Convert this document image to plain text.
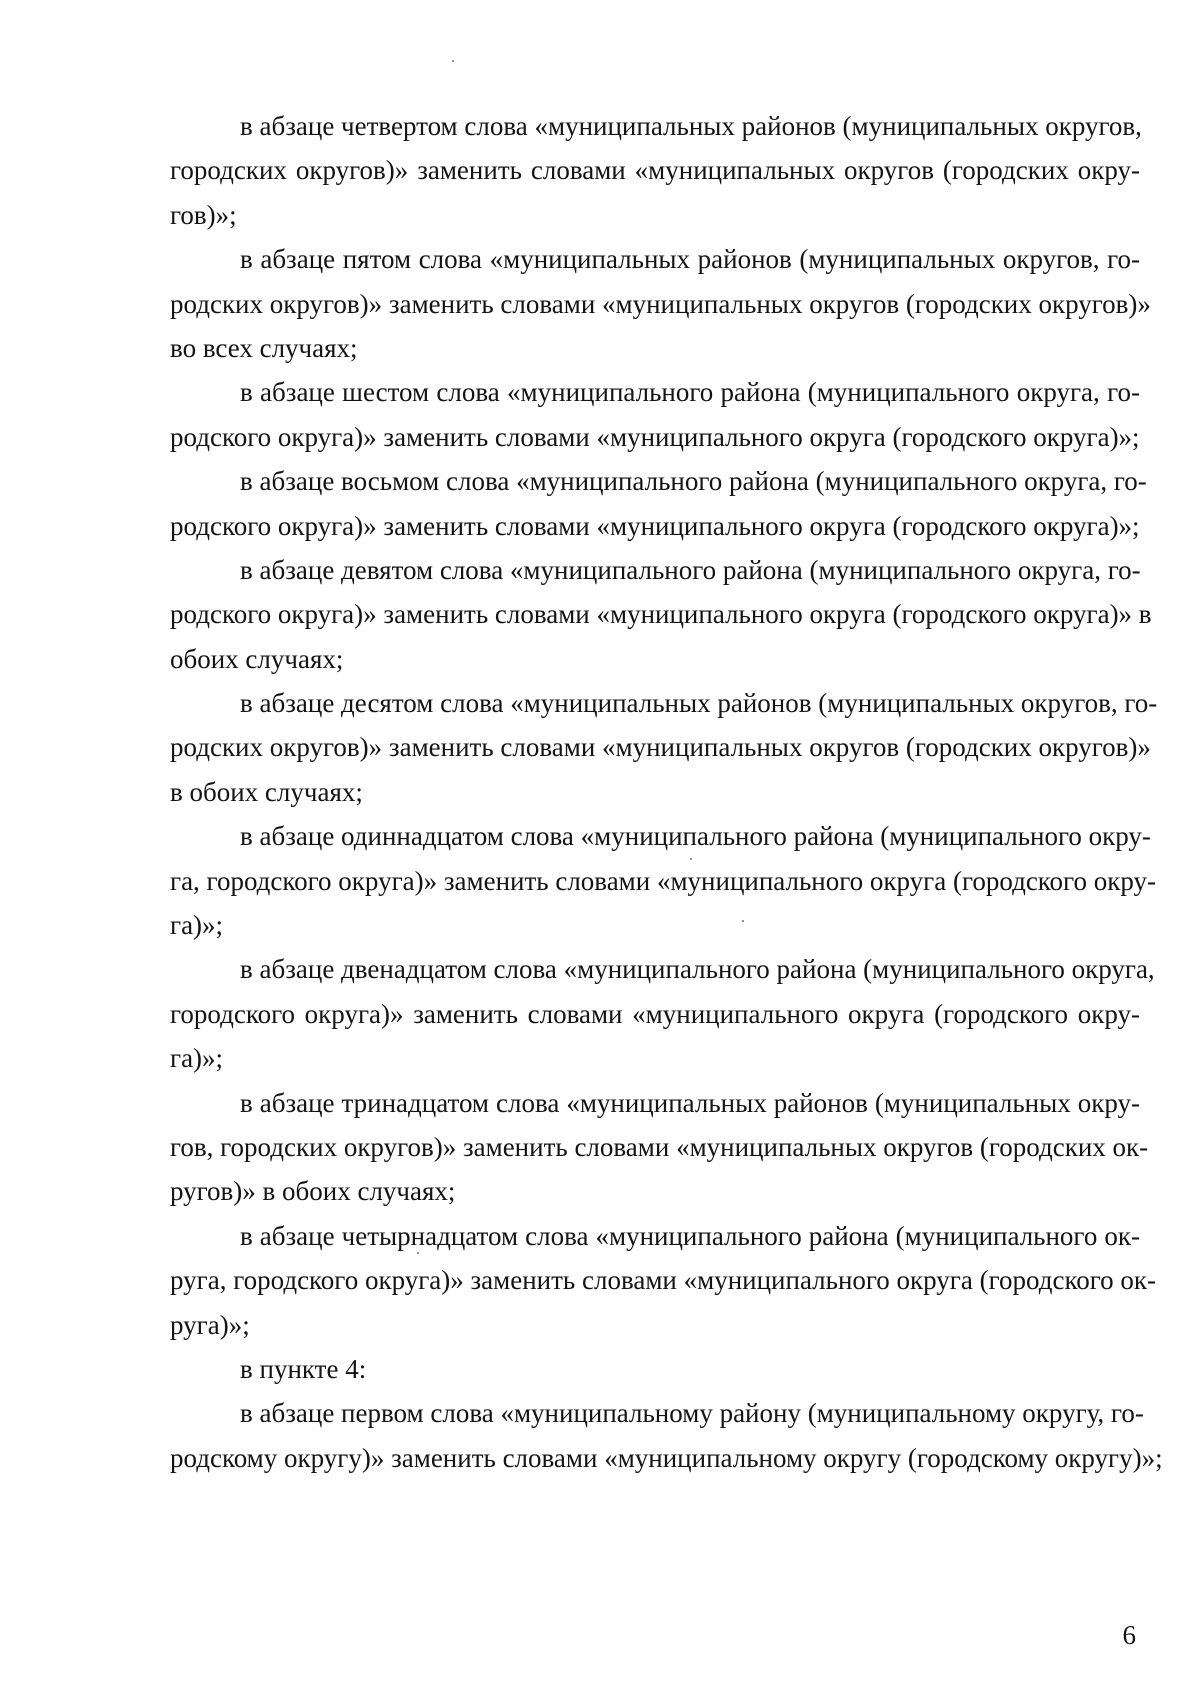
в абзаце четвертом слова «муниципальных районов (муниципальных округов,
городских округов)» заменить словами «муниципальных округов (городских окру-
гов)»;
в абзаце пятом слова «муниципальных районов (муниципальных округов, го-
родских округов)» заменить словами «муниципальных округов (городских округов)»
во всех случаях;
в абзаце шестом слова «муниципального района (муниципального округа, го-
родского округа)» заменить словами «муниципального округа (городского округа)»;
в абзаце восьмом слова «муниципального района (муниципального округа, го-
родского округа)» заменить словами «муниципального округа (городского округа)»;
в абзаце девятом слова «муниципального района (муниципального округа, го-
родского округа)» заменить словами «муниципального округа (городского округа)» в
обоих случаях;
в абзаце десятом слова «муниципальных районов (муниципальных округов, го-
родских округов)» заменить словами «муниципальных округов (городских округов)»
в обоих случаях;
в абзаце одиннадцатом слова «муниципального района (муниципального окру-
га, городского округа)» заменить словами «муниципального округа (городского окру-
га)»;
в абзаце двенадцатом слова «муниципального района (муниципального округа,
городского округа)» заменить словами «муниципального округа (городского окру-
га)»;
в абзаце тринадцатом слова «муниципальных районов (муниципальных окру-
гов, городских округов)» заменить словами «муниципальных округов (городских ок-
ругов)» в обоих случаях;
в абзаце четырнадцатом слова «муниципального района (муниципального ок-
руга, городского округа)» заменить словами «муниципального округа (городского ок-
руга)»;
в пункте 4:
в абзаце первом слова «муниципальному району (муниципальному округу, го-
родскому округу)» заменить словами «муниципальному округу (городскому округу)»;
6
